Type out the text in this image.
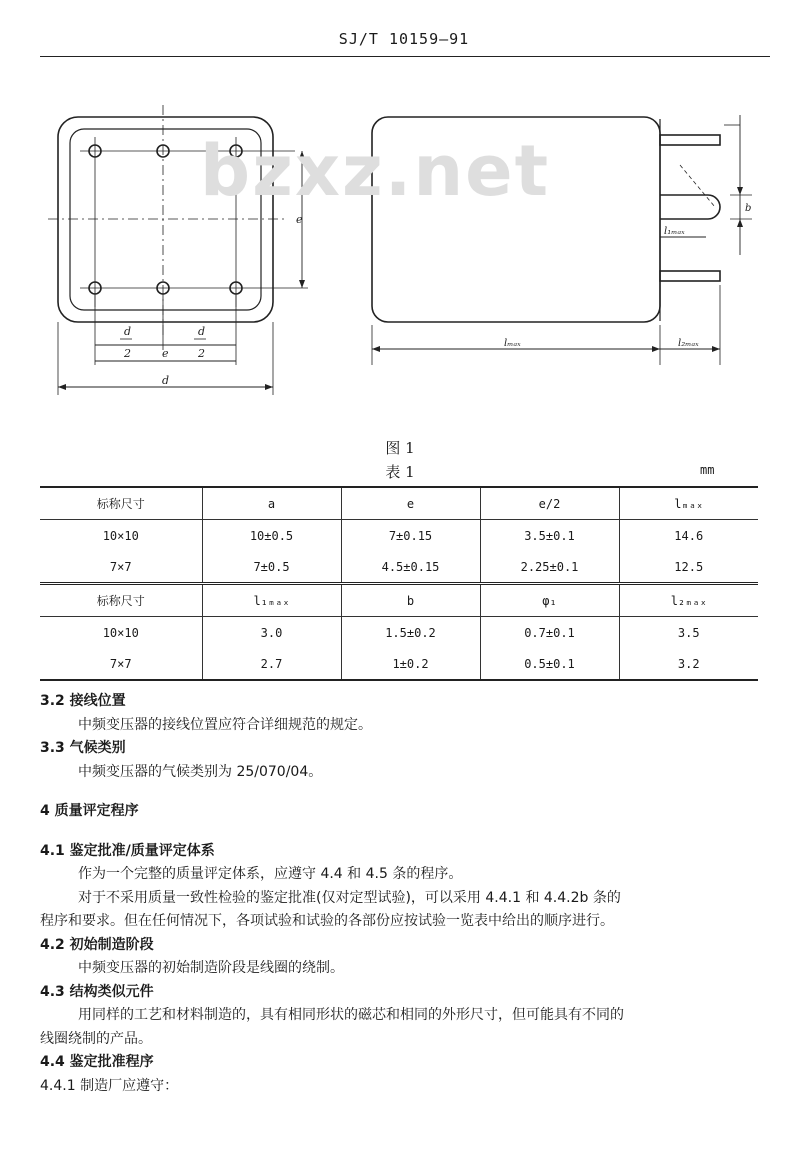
SJ/T 10159—91
e
d
2
d
2
e
d
lₘₐₓ	l₂ₘₐₓ
l₁ₘₐₓ
b
bzxz.net
图 1
表 1	mm
标称尺寸	a	e	e/2	lₘₐₓ
10×10	10±0.5	7±0.15	3.5±0.1	14.6
7×7	7±0.5	4.5±0.15	2.25±0.1	12.5
标称尺寸	l₁ₘₐₓ	b	φ₁	l₂ₘₐₓ
10×10	3.0	1.5±0.2	0.7±0.1	3.5
7×7	2.7	1±0.2	0.5±0.1	3.2

3.2 接线位置

中频变压器的接线位置应符合详细规范的规定。

3.3 气候类别

中频变压器的气候类别为 25/070/04。

4 质量评定程序

4.1 鉴定批准/质量评定体系

作为一个完整的质量评定体系，应遵守 4.4 和 4.5 条的程序。

对于不采用质量一致性检验的鉴定批准(仅对定型试验)，可以采用 4.4.1 和 4.4.2b 条的

程序和要求。但在任何情况下，各项试验和试验的各部份应按试验一览表中给出的顺序进行。

4.2 初始制造阶段

中频变压器的初始制造阶段是线圈的绕制。

4.3 结构类似元件

用同样的工艺和材料制造的，具有相同形状的磁芯和相同的外形尺寸，但可能具有不同的

线圈绕制的产品。

4.4 鉴定批准程序

4.4.1 制造厂应遵守：
